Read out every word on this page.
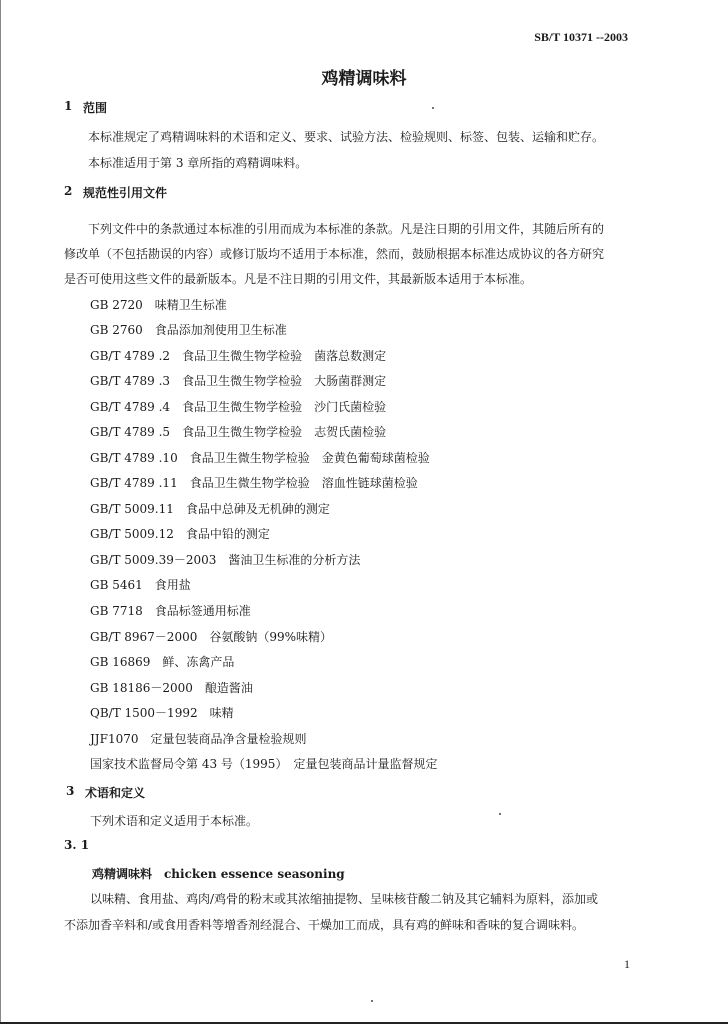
SB/T 10371 --2003
鸡精调味料
1 范围
本标准规定了鸡精调味料的术语和定义、要求、试验方法、检验规则、标签、包装、运输和贮存。
本标准适用于第 3 章所指的鸡精调味料。
2 规范性引用文件
下列文件中的条款通过本标准的引用而成为本标准的条款。凡是注日期的引用文件，其随后所有的
修改单（不包括勘误的内容）或修订版均不适用于本标准，然而，鼓励根据本标准达成协议的各方研究
是否可使用这些文件的最新版本。凡是不注日期的引用文件，其最新版本适用于本标准。
GB 2720　味精卫生标准
GB 2760　食品添加剂使用卫生标准
GB/T 4789 .2　食品卫生微生物学检验　菌落总数测定
GB/T 4789 .3　食品卫生微生物学检验　大肠菌群测定
GB/T 4789 .4　食品卫生微生物学检验　沙门氏菌检验
GB/T 4789 .5　食品卫生微生物学检验　志贺氏菌检验
GB/T 4789 .10　食品卫生微生物学检验　金黄色葡萄球菌检验
GB/T 4789 .11　食品卫生微生物学检验　溶血性链球菌检验
GB/T 5009.11　食品中总砷及无机砷的测定
GB/T 5009.12　食品中铅的测定
GB/T 5009.39－2003　酱油卫生标准的分析方法
GB 5461　食用盐
GB 7718　食品标签通用标准
GB/T 8967－2000　谷氨酸钠（99%味精）
GB 16869　鲜、冻禽产品
GB 18186－2000　酿造酱油
QB/T 1500－1992　味精
JJF1070　定量包装商品净含量检验规则
国家技术监督局令第 43 号（1995）　定量包装商品计量监督规定
3 术语和定义
下列术语和定义适用于本标准。
3. 1
鸡精调味料　chicken essence seasoning
以味精、食用盐、鸡肉/鸡骨的粉末或其浓缩抽提物、呈味核苷酸二钠及其它辅料为原料，添加或
不添加香辛料和/或食用香料等增香剂经混合、干燥加工而成，具有鸡的鲜味和香味的复合调味料。
1
